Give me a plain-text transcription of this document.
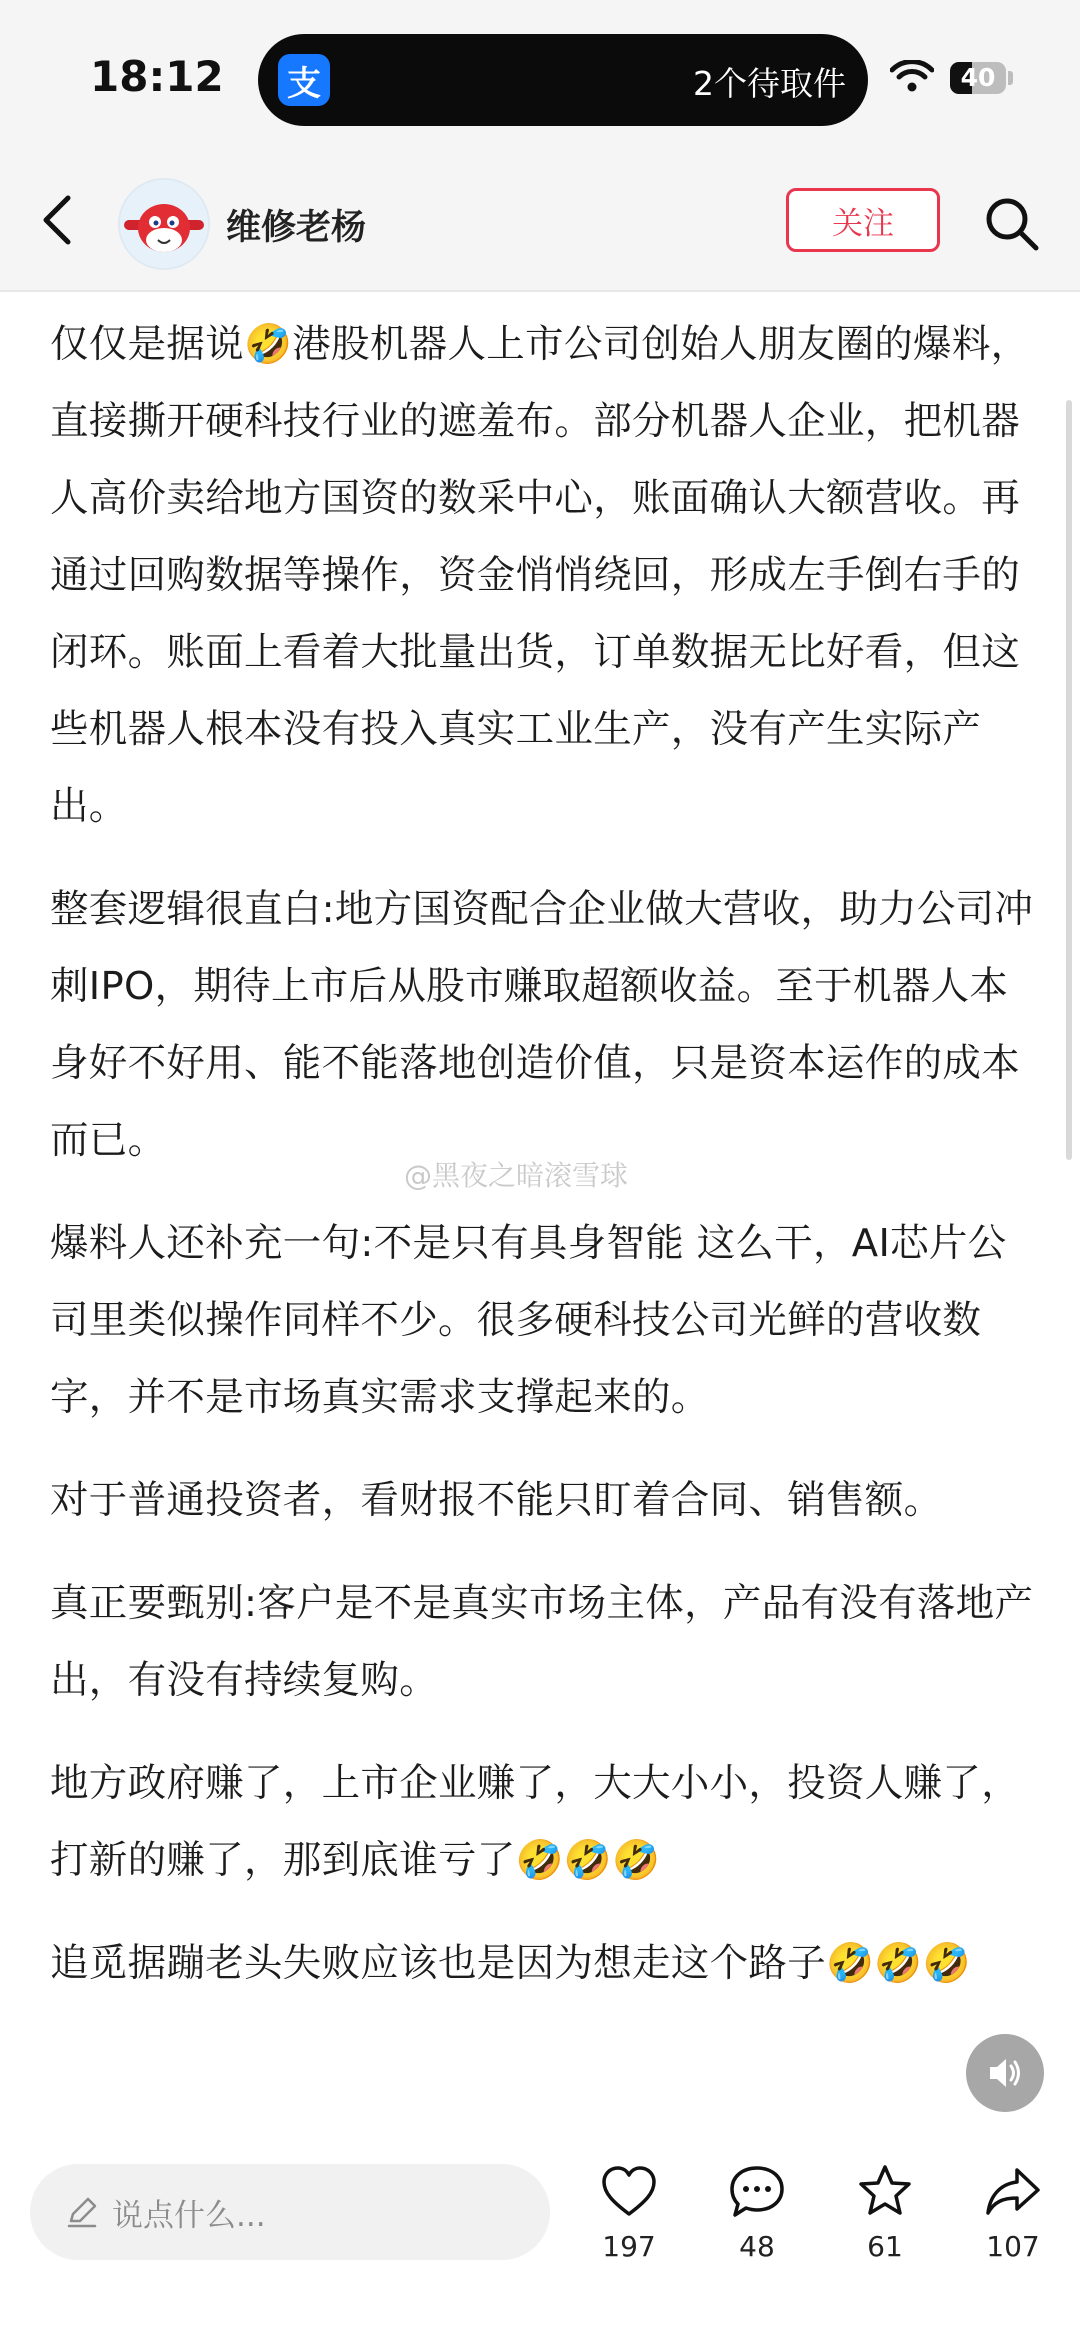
18:12 支	2个待取件	40
维修老杨	关注

仅仅是据说🤣港股机器人上市公司创始人朋友圈的爆料，直接撕开硬科技行业的遮羞布。部分机器人企业，把机器人高价卖给地方国资的数采中心，账面确认大额营收。再通过回购数据等操作，资金悄悄绕回，形成左手倒右手的闭环。账面上看着大批量出货，订单数据无比好看，但这些机器人根本没有投入真实工业生产，没有产生实际产出。

整套逻辑很直白:地方国资配合企业做大营收，助力公司冲刺IPO，期待上市后从股市赚取超额收益。至于机器人本身好不好用、能不能落地创造价值，只是资本运作的成本而已。

爆料人还补充一句:不是只有具身智能 这么干，AI芯片公司里类似操作同样不少。很多硬科技公司光鲜的营收数字，并不是市场真实需求支撑起来的。

对于普通投资者，看财报不能只盯着合同、销售额。

真正要甄别:客户是不是真实市场主体，产品有没有落地产出，有没有持续复购。

地方政府赚了，上市企业赚了，大大小小，投资人赚了，打新的赚了，那到底谁亏了🤣🤣🤣

追觅据蹦老头失败应该也是因为想走这个路子🤣🤣🤣

@黑夜之暗滚雪球
说点什么...
197	48	61	107
